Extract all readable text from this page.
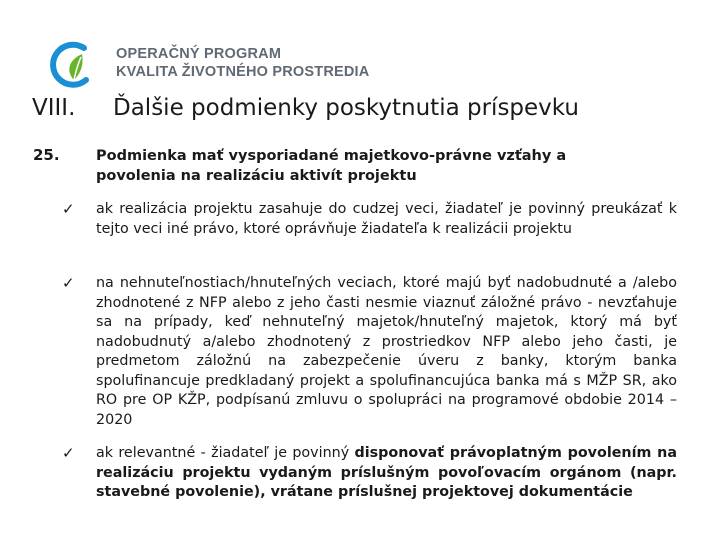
OPERAČNÝ PROGRAM
KVALITA ŽIVOTNÉHO PROSTREDIA
VIII. Ďalšie podmienky poskytnutia príspevku
25.	Podmienka mať vysporiadané majetkovo-právne vzťahy a povolenia na realizáciu aktivít projektu
✓ ak realizácia projektu zasahuje do cudzej veci, žiadateľ je povinný preukázať k tejto veci iné právo, ktoré oprávňuje žiadateľa k realizácii projektu
✓ na nehnuteľnostiach/hnuteľných veciach, ktoré majú byť nadobudnuté a /alebo zhodnotené z NFP alebo z jeho časti nesmie viaznuť záložné právo - nevzťahuje sa na prípady, keď nehnuteľný majetok/hnuteľný majetok, ktorý má byť nadobudnutý a/alebo zhodnotený z prostriedkov NFP alebo jeho časti, je predmetom záložnú na zabezpečenie úveru z banky, ktorým banka spolufinancuje predkladaný projekt a spolufinancujúca banka má s MŽP SR, ako RO pre OP KŽP, podpísanú zmluvu o spolupráci na programové obdobie 2014 – 2020
✓ ak relevantné - žiadateľ je povinný disponovať právoplatným povolením na realizáciu projektu vydaným príslušným povoľovacím orgánom (napr. stavebné povolenie), vrátane príslušnej projektovej dokumentácie
